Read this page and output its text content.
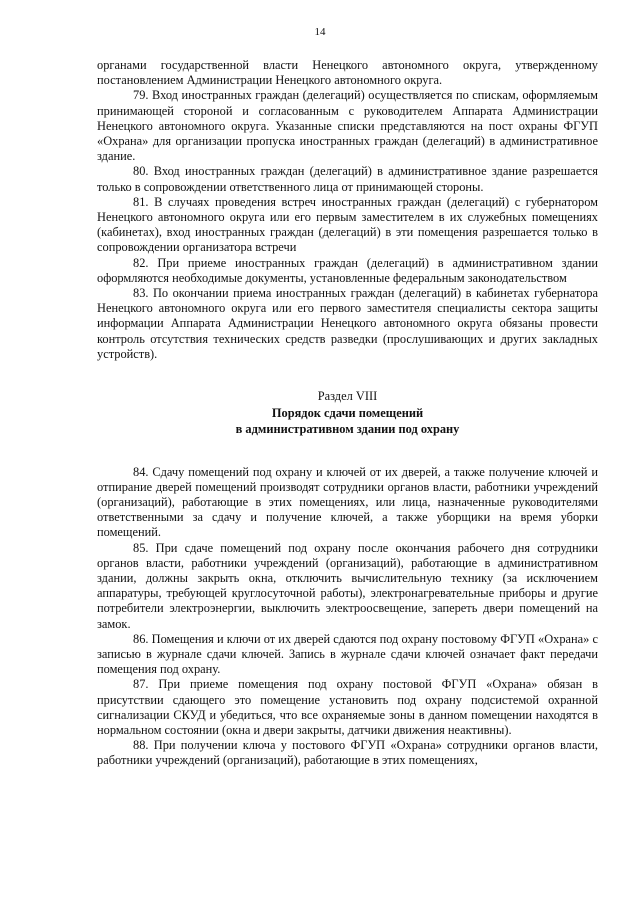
14

органами государственной власти Ненецкого автономного округа, утвержденному постановлением Администрации Ненецкого автономного округа.

79. Вход иностранных граждан (делегаций) осуществляется по спискам, оформляемым принимающей стороной и согласованным с руководителем Аппарата Администрации Ненецкого автономного округа. Указанные списки представляются на пост охраны ФГУП «Охрана» для организации пропуска иностранных граждан (делегаций) в административное здание.

80. Вход иностранных граждан (делегаций) в административное здание разрешается только в сопровождении ответственного лица от принимающей стороны.

81. В случаях проведения встреч иностранных граждан (делегаций) с губернатором Ненецкого автономного округа или его первым заместителем в их служебных помещениях (кабинетах), вход иностранных граждан (делегаций) в эти помещения разрешается только в сопровождении организатора встречи

82. При приеме иностранных граждан (делегаций) в административном здании оформляются необходимые документы, установленные федеральным законодательством

83. По окончании приема иностранных граждан (делегаций) в кабинетах губернатора Ненецкого автономного округа или его первого заместителя специалисты сектора защиты информации Аппарата Администрации Ненецкого автономного округа обязаны провести контроль отсутствия технических средств разведки (прослушивающих и других закладных устройств).

Раздел VIII
Порядок сдачи помещений
в административном здании под охрану

84. Сдачу помещений под охрану и ключей от их дверей, а также получение ключей и отпирание дверей помещений производят сотрудники органов власти, работники учреждений (организаций), работающие в этих помещениях, или лица, назначенные руководителями ответственными за сдачу и получение ключей, а также уборщики на время уборки помещений.

85. При сдаче помещений под охрану после окончания рабочего дня сотрудники органов власти, работники учреждений (организаций), работающие в административном здании, должны закрыть окна, отключить вычислительную технику (за исключением аппаратуры, требующей круглосуточной работы), электронагревательные приборы и другие потребители электроэнергии, выключить электроосвещение, запереть двери помещений на замок.

86. Помещения и ключи от их дверей сдаются под охрану постовому ФГУП «Охрана» с записью в журнале сдачи ключей. Запись в журнале сдачи ключей означает факт передачи помещения под охрану.

87. При приеме помещения под охрану постовой ФГУП «Охрана» обязан в присутствии сдающего это помещение установить под охрану подсистемой охранной сигнализации СКУД и убедиться, что все охраняемые зоны в данном помещении находятся в нормальном состоянии (окна и двери закрыты, датчики движения неактивны).

88. При получении ключа у постового ФГУП «Охрана» сотрудники органов власти, работники учреждений (организаций), работающие в этих помещениях,
